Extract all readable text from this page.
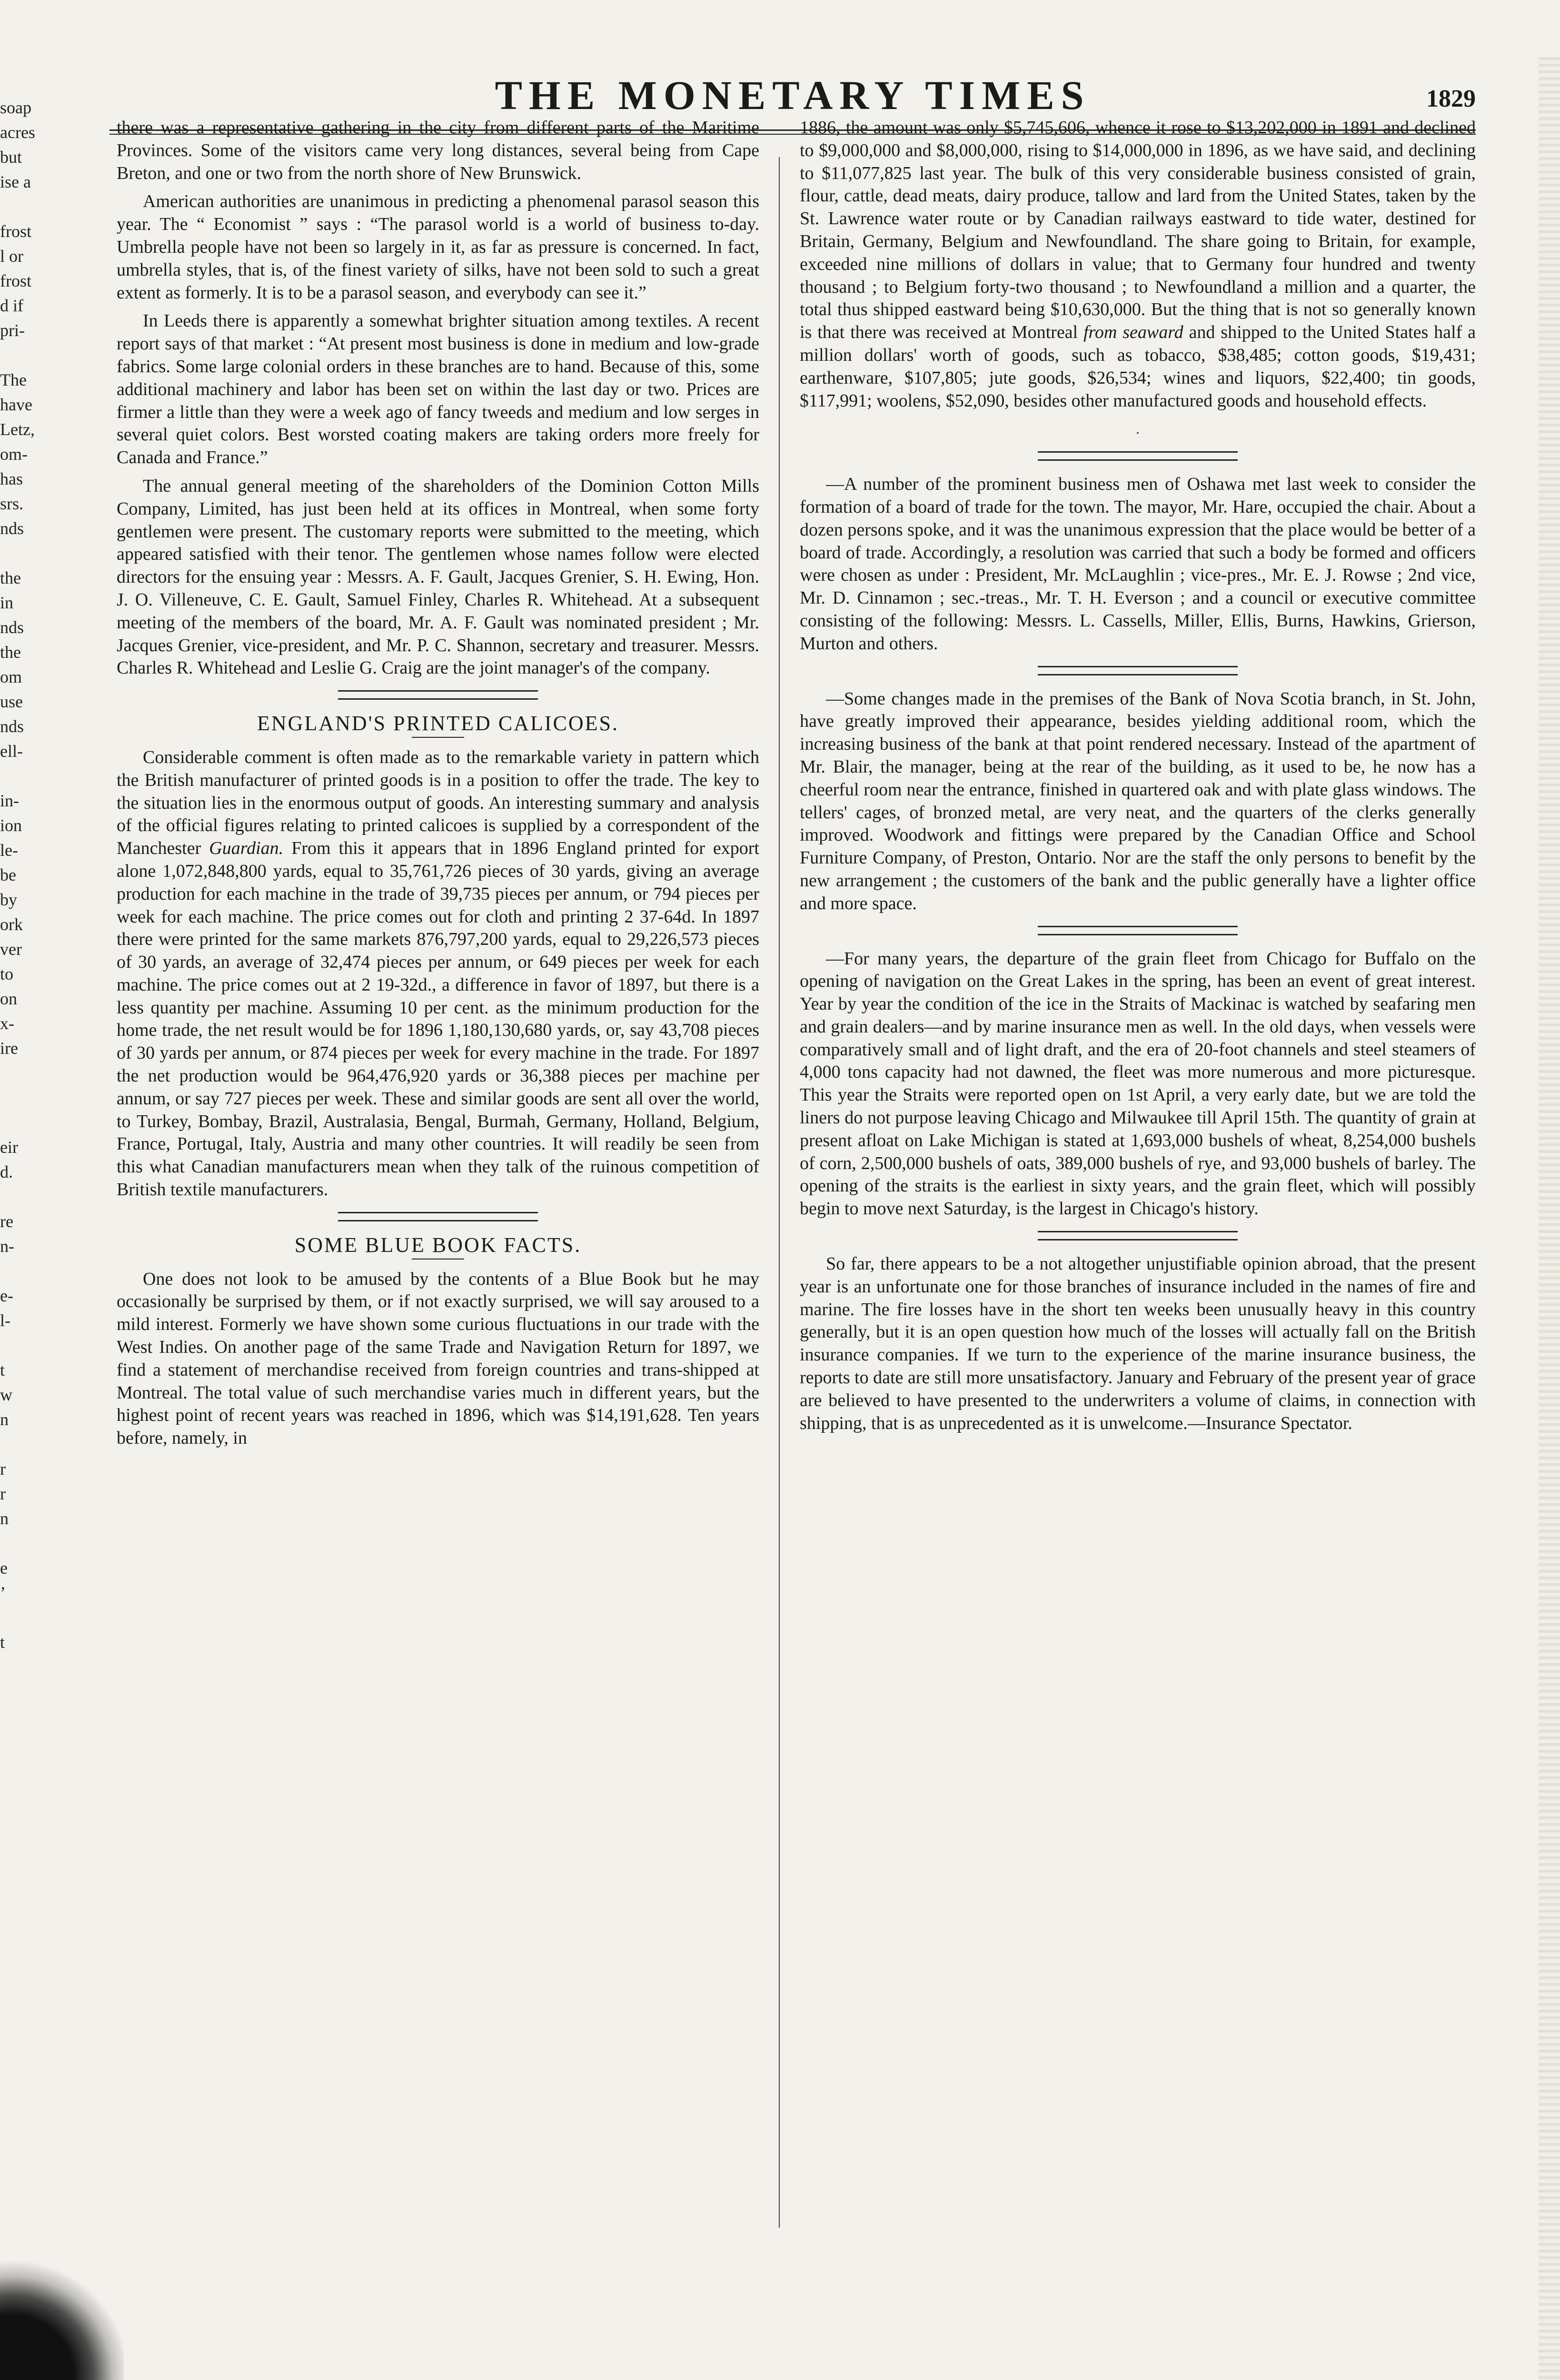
soap
acres
but
ise a

frost
l or
frost
d if
pri-

The
have
Letz,
om-
has
srs.
nds

the
in
nds
the
om
use
nds
ell-

in-
ion
le-
be
by
ork
ver
to
on
x-
ire

eir
d.

re
n-

e-
l-

t
w
n

r
r
n

e
’

t
THE MONETARY TIMES	1829

there was a representative gathering in the city from different parts of the Maritime Provinces. Some of the visitors came very long distances, several being from Cape Breton, and one or two from the north shore of New Brunswick.

American authorities are unanimous in predicting a phenomenal parasol season this year. The “ Economist ” says : “The parasol world is a world of business to-day. Umbrella people have not been so largely in it, as far as pressure is concerned. In fact, umbrella styles, that is, of the finest variety of silks, have not been sold to such a great extent as formerly. It is to be a parasol season, and everybody can see it.”

In Leeds there is apparently a somewhat brighter situation among textiles. A recent report says of that market : “At present most business is done in medium and low-grade fabrics. Some large colonial orders in these branches are to hand. Because of this, some additional machinery and labor has been set on within the last day or two. Prices are firmer a little than they were a week ago of fancy tweeds and medium and low serges in several quiet colors. Best worsted coating makers are taking orders more freely for Canada and France.”

The annual general meeting of the shareholders of the Dominion Cotton Mills Company, Limited, has just been held at its offices in Montreal, when some forty gentlemen were present. The customary reports were submitted to the meeting, which appeared satisfied with their tenor. The gentlemen whose names follow were elected directors for the ensuing year : Messrs. A. F. Gault, Jacques Grenier, S. H. Ewing, Hon. J. O. Villeneuve, C. E. Gault, Samuel Finley, Charles R. Whitehead. At a subsequent meeting of the members of the board, Mr. A. F. Gault was nominated president ; Mr. Jacques Grenier, vice-president, and Mr. P. C. Shannon, secretary and treasurer. Messrs. Charles R. Whitehead and Leslie G. Craig are the joint manager's of the company.

ENGLAND'S PRINTED CALICOES.

Considerable comment is often made as to the remarkable variety in pattern which the British manufacturer of printed goods is in a position to offer the trade. The key to the situation lies in the enormous output of goods. An interesting summary and analysis of the official figures relating to printed calicoes is supplied by a correspondent of the Manchester Guardian. From this it appears that in 1896 England printed for export alone 1,072,848,800 yards, equal to 35,761,726 pieces of 30 yards, giving an average production for each machine in the trade of 39,735 pieces per annum, or 794 pieces per week for each machine. The price comes out for cloth and printing 2 37-64d. In 1897 there were printed for the same markets 876,797,200 yards, equal to 29,226,573 pieces of 30 yards, an average of 32,474 pieces per annum, or 649 pieces per week for each machine. The price comes out at 2 19-32d., a difference in favor of 1897, but there is a less quantity per machine. Assuming 10 per cent. as the minimum production for the home trade, the net result would be for 1896 1,180,130,680 yards, or, say 43,708 pieces of 30 yards per annum, or 874 pieces per week for every machine in the trade. For 1897 the net production would be 964,476,920 yards or 36,388 pieces per machine per annum, or say 727 pieces per week. These and similar goods are sent all over the world, to Turkey, Bombay, Brazil, Australasia, Bengal, Burmah, Germany, Holland, Belgium, France, Portugal, Italy, Austria and many other countries. It will readily be seen from this what Canadian manufacturers mean when they talk of the ruinous competition of British textile manufacturers.

SOME BLUE BOOK FACTS.

One does not look to be amused by the contents of a Blue Book but he may occasionally be surprised by them, or if not exactly surprised, we will say aroused to a mild interest. Formerly we have shown some curious fluctuations in our trade with the West Indies. On another page of the same Trade and Navigation Return for 1897, we find a statement of merchandise received from foreign countries and trans-shipped at Montreal. The total value of such merchandise varies much in different years, but the highest point of recent years was reached in 1896, which was $14,191,628. Ten years before, namely, in

1886, the amount was only $5,745,606, whence it rose to $13,202,000 in 1891 and declined to $9,000,000 and $8,000,000, rising to $14,000,000 in 1896, as we have said, and declining to $11,077,825 last year. The bulk of this very considerable business consisted of grain, flour, cattle, dead meats, dairy produce, tallow and lard from the United States, taken by the St. Lawrence water route or by Canadian railways eastward to tide water, destined for Britain, Germany, Belgium and Newfoundland. The share going to Britain, for example, exceeded nine millions of dollars in value; that to Germany four hundred and twenty thousand ; to Belgium forty-two thousand ; to Newfoundland a million and a quarter, the total thus shipped eastward being $10,630,000. But the thing that is not so generally known is that there was received at Montreal from seaward and shipped to the United States half a million dollars' worth of goods, such as tobacco, $38,485; cotton goods, $19,431; earthenware, $107,805; jute goods, $26,534; wines and liquors, $22,400; tin goods, $117,991; woolens, $52,090, besides other manufactured goods and household effects.

.

—A number of the prominent business men of Oshawa met last week to consider the formation of a board of trade for the town. The mayor, Mr. Hare, occupied the chair. About a dozen persons spoke, and it was the unanimous expression that the place would be better of a board of trade. Accordingly, a resolution was carried that such a body be formed and officers were chosen as under : President, Mr. McLaughlin ; vice-pres., Mr. E. J. Rowse ; 2nd vice, Mr. D. Cinnamon ; sec.-treas., Mr. T. H. Everson ; and a council or executive committee consisting of the following: Messrs. L. Cassells, Miller, Ellis, Burns, Hawkins, Grierson, Murton and others.

—Some changes made in the premises of the Bank of Nova Scotia branch, in St. John, have greatly improved their appearance, besides yielding additional room, which the increasing business of the bank at that point rendered necessary. Instead of the apartment of Mr. Blair, the manager, being at the rear of the building, as it used to be, he now has a cheerful room near the entrance, finished in quartered oak and with plate glass windows. The tellers' cages, of bronzed metal, are very neat, and the quarters of the clerks generally improved. Woodwork and fittings were prepared by the Canadian Office and School Furniture Company, of Preston, Ontario. Nor are the staff the only persons to benefit by the new arrangement ; the customers of the bank and the public generally have a lighter office and more space.

—For many years, the departure of the grain fleet from Chicago for Buffalo on the opening of navigation on the Great Lakes in the spring, has been an event of great interest. Year by year the condition of the ice in the Straits of Mackinac is watched by seafaring men and grain dealers—and by marine insurance men as well. In the old days, when vessels were comparatively small and of light draft, and the era of 20-foot channels and steel steamers of 4,000 tons capacity had not dawned, the fleet was more numerous and more picturesque. This year the Straits were reported open on 1st April, a very early date, but we are told the liners do not purpose leaving Chicago and Milwaukee till April 15th. The quantity of grain at present afloat on Lake Michigan is stated at 1,693,000 bushels of wheat, 8,254,000 bushels of corn, 2,500,000 bushels of oats, 389,000 bushels of rye, and 93,000 bushels of barley. The opening of the straits is the earliest in sixty years, and the grain fleet, which will possibly begin to move next Saturday, is the largest in Chicago's history.

So far, there appears to be a not altogether unjustifiable opinion abroad, that the present year is an unfortunate one for those branches of insurance included in the names of fire and marine. The fire losses have in the short ten weeks been unusually heavy in this country generally, but it is an open question how much of the losses will actually fall on the British insurance companies. If we turn to the experience of the marine insurance business, the reports to date are still more unsatisfactory. January and February of the present year of grace are believed to have presented to the underwriters a volume of claims, in connection with shipping, that is as unprecedented as it is unwelcome.—Insurance Spectator.
